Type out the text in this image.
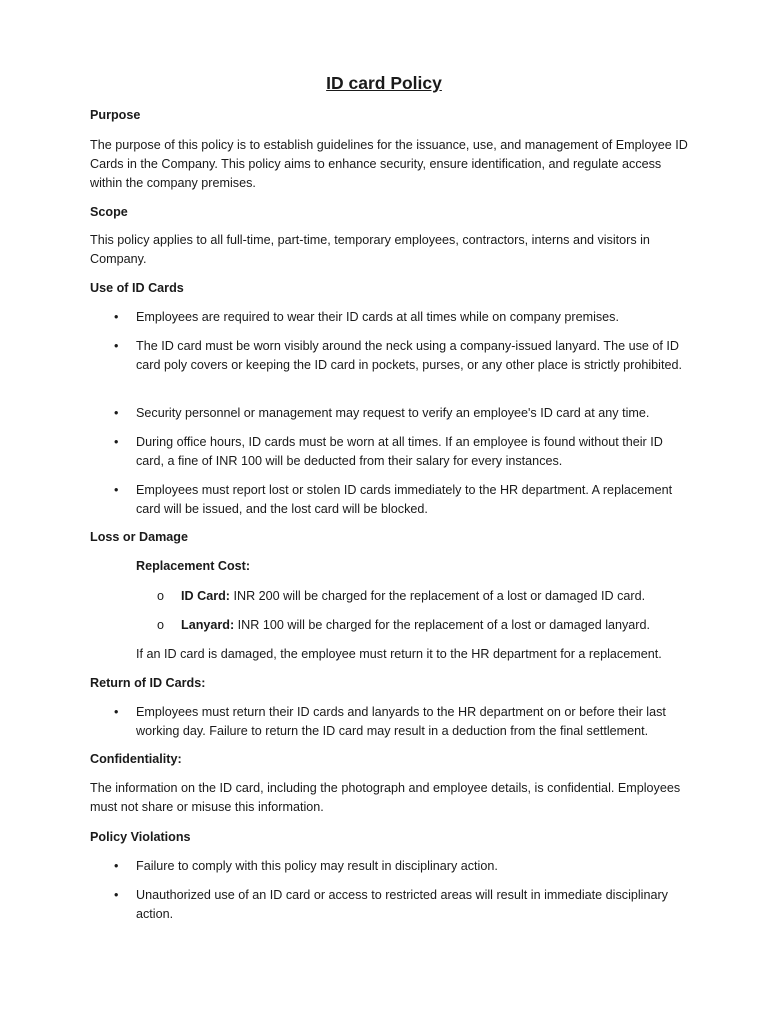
ID card Policy

Purpose

The purpose of this policy is to establish guidelines for the issuance, use, and management of Employee ID Cards in the Company. This policy aims to enhance security, ensure identification, and regulate access within the company premises.

Scope

This policy applies to all full-time, part-time, temporary employees, contractors, interns and visitors in Company.

Use of ID Cards

• Employees are required to wear their ID cards at all times while on company premises.
• The ID card must be worn visibly around the neck using a company-issued lanyard. The use of ID card poly covers or keeping the ID card in pockets, purses, or any other place is strictly prohibited.
• Security personnel or management may request to verify an employee's ID card at any time.
• During office hours, ID cards must be worn at all times. If an employee is found without their ID card, a fine of INR 100 will be deducted from their salary for every instances.
• Employees must report lost or stolen ID cards immediately to the HR department. A replacement card will be issued, and the lost card will be blocked.

Loss or Damage

Replacement Cost:

o ID Card: INR 200 will be charged for the replacement of a lost or damaged ID card.
o Lanyard: INR 100 will be charged for the replacement of a lost or damaged lanyard.

If an ID card is damaged, the employee must return it to the HR department for a replacement.

Return of ID Cards:

• Employees must return their ID cards and lanyards to the HR department on or before their last working day. Failure to return the ID card may result in a deduction from the final settlement.

Confidentiality:

The information on the ID card, including the photograph and employee details, is confidential. Employees must not share or misuse this information.

Policy Violations

• Failure to comply with this policy may result in disciplinary action.
• Unauthorized use of an ID card or access to restricted areas will result in immediate disciplinary action.
